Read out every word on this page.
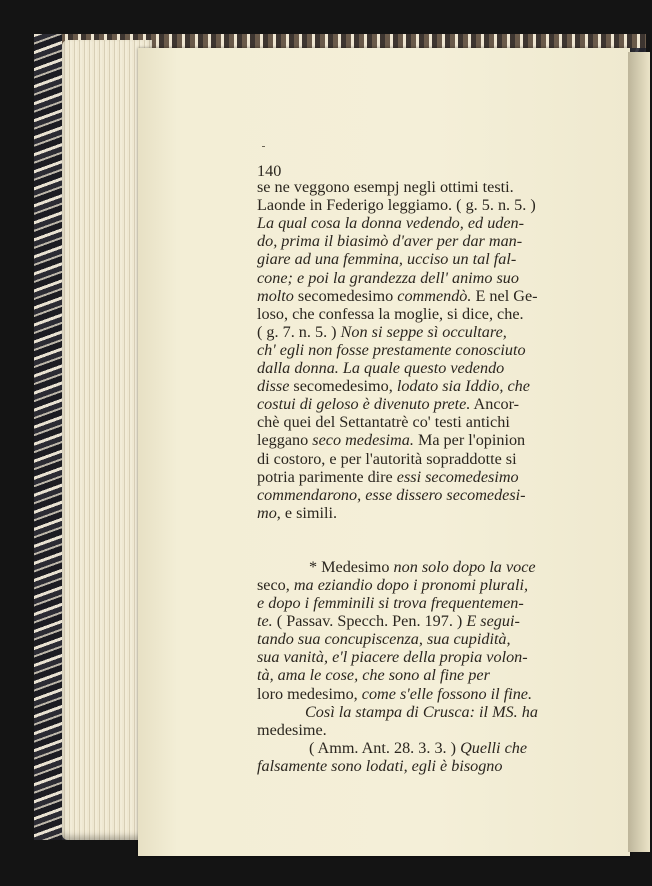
140
se ne veggono esempj negli ottimi testi.
Laonde in Federigo leggiamo. ( g. 5. n. 5. )
La qual cosa la donna vedendo, ed uden-
do, prima il biasimò d'aver per dar man-
giare ad una femmina, ucciso un tal fal-
cone; e poi la grandezza dell' animo suo
molto secomedesimo commendò. E nel Ge-
loso, che confessa la moglie, si dice, che.
( g. 7. n. 5. ) Non si seppe sì occultare,
ch' egli non fosse prestamente conosciuto
dalla donna. La quale questo vedendo
disse secomedesimo, lodato sia Iddio, che
costui di geloso è divenuto prete. Ancor-
chè quei del Settantatrè co' testi antichi
leggano seco medesima. Ma per l'opinion
di costoro, e per l'autorità sopraddotte si
potria parimente dire essi secomedesimo
commendarono, esse dissero secomedesi-
mo, e simili.
* Medesimo non solo dopo la voce
seco, ma eziandio dopo i pronomi plurali,
e dopo i femminili si trova frequentemen-
te. ( Passav. Specch. Pen. 197. ) E segui-
tando sua concupiscenza, sua cupidità,
sua vanità, e'l piacere della propia volon-
tà, ama le cose, che sono al fine per
loro medesimo, come s'elle fossono il fine.
Così la stampa di Crusca: il MS. ha
medesime.
( Amm. Ant. 28. 3. 3. ) Quelli che
falsamente sono lodati, egli è bisogno
